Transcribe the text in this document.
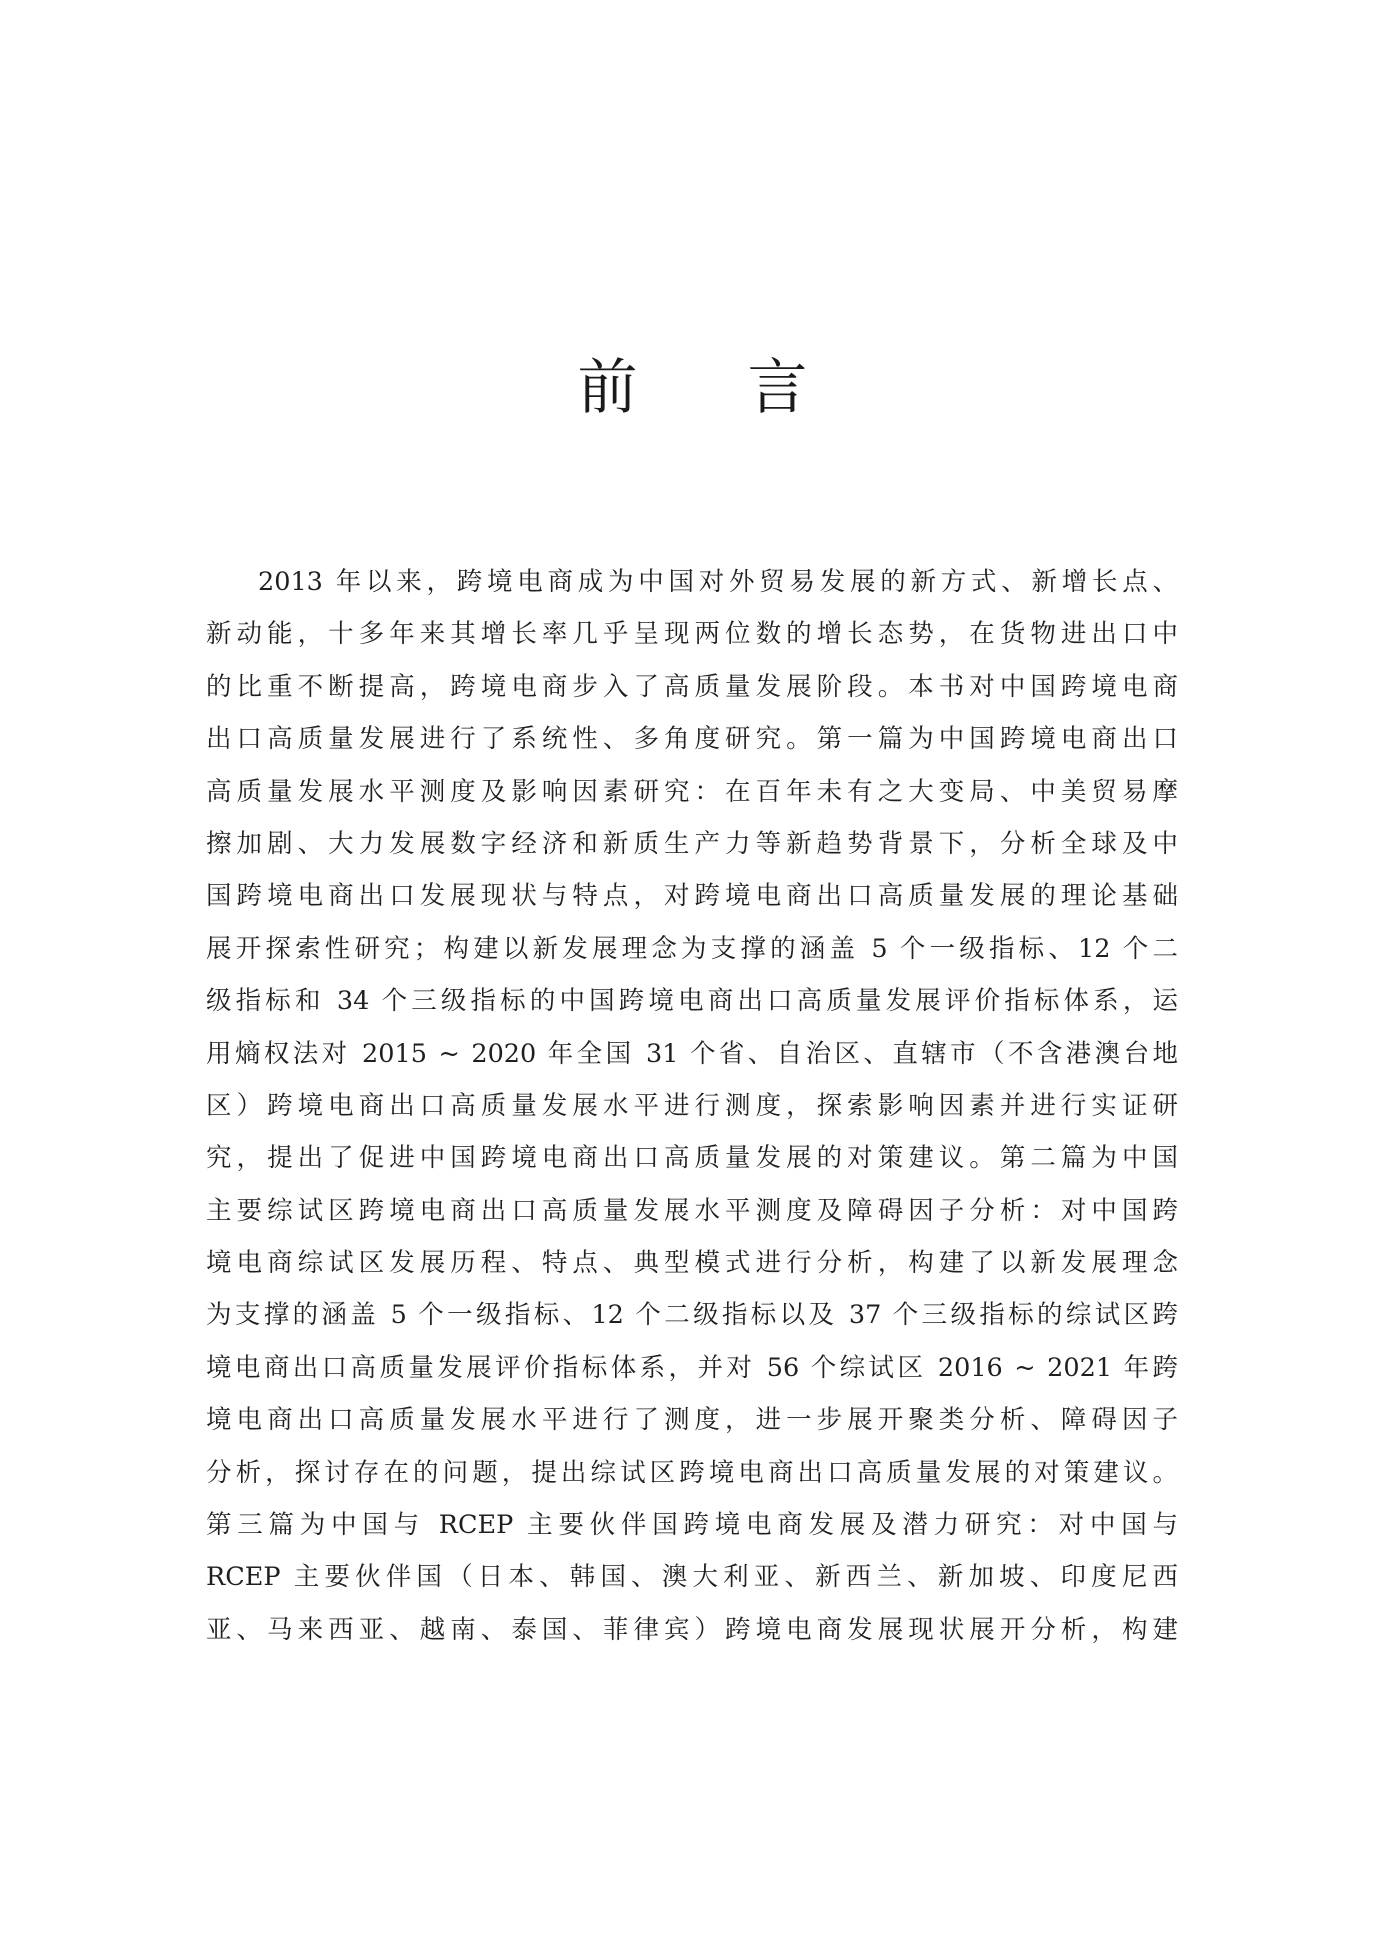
前言
2013 年以来，跨境电商成为中国对外贸易发展的新方式、新增长点、
新动能，十多年来其增长率几乎呈现两位数的增长态势，在货物进出口中
的比重不断提高，跨境电商步入了高质量发展阶段。本书对中国跨境电商
出口高质量发展进行了系统性、多角度研究。第一篇为中国跨境电商出口
高质量发展水平测度及影响因素研究：在百年未有之大变局、中美贸易摩
擦加剧、大力发展数字经济和新质生产力等新趋势背景下，分析全球及中
国跨境电商出口发展现状与特点，对跨境电商出口高质量发展的理论基础
展开探索性研究；构建以新发展理念为支撑的涵盖 5 个一级指标、12 个二
级指标和 34 个三级指标的中国跨境电商出口高质量发展评价指标体系，运
用熵权法对 2015 ~ 2020 年全国 31 个省、自治区、直辖市（不含港澳台地
区）跨境电商出口高质量发展水平进行测度，探索影响因素并进行实证研
究，提出了促进中国跨境电商出口高质量发展的对策建议。第二篇为中国
主要综试区跨境电商出口高质量发展水平测度及障碍因子分析：对中国跨
境电商综试区发展历程、特点、典型模式进行分析，构建了以新发展理念
为支撑的涵盖 5 个一级指标、12 个二级指标以及 37 个三级指标的综试区跨
境电商出口高质量发展评价指标体系，并对 56 个综试区 2016 ~ 2021 年跨
境电商出口高质量发展水平进行了测度，进一步展开聚类分析、障碍因子
分析，探讨存在的问题，提出综试区跨境电商出口高质量发展的对策建议。
第三篇为中国与 RCEP 主要伙伴国跨境电商发展及潜力研究：对中国与
RCEP 主要伙伴国（日本、韩国、澳大利亚、新西兰、新加坡、印度尼西
亚、马来西亚、越南、泰国、菲律宾）跨境电商发展现状展开分析，构建
